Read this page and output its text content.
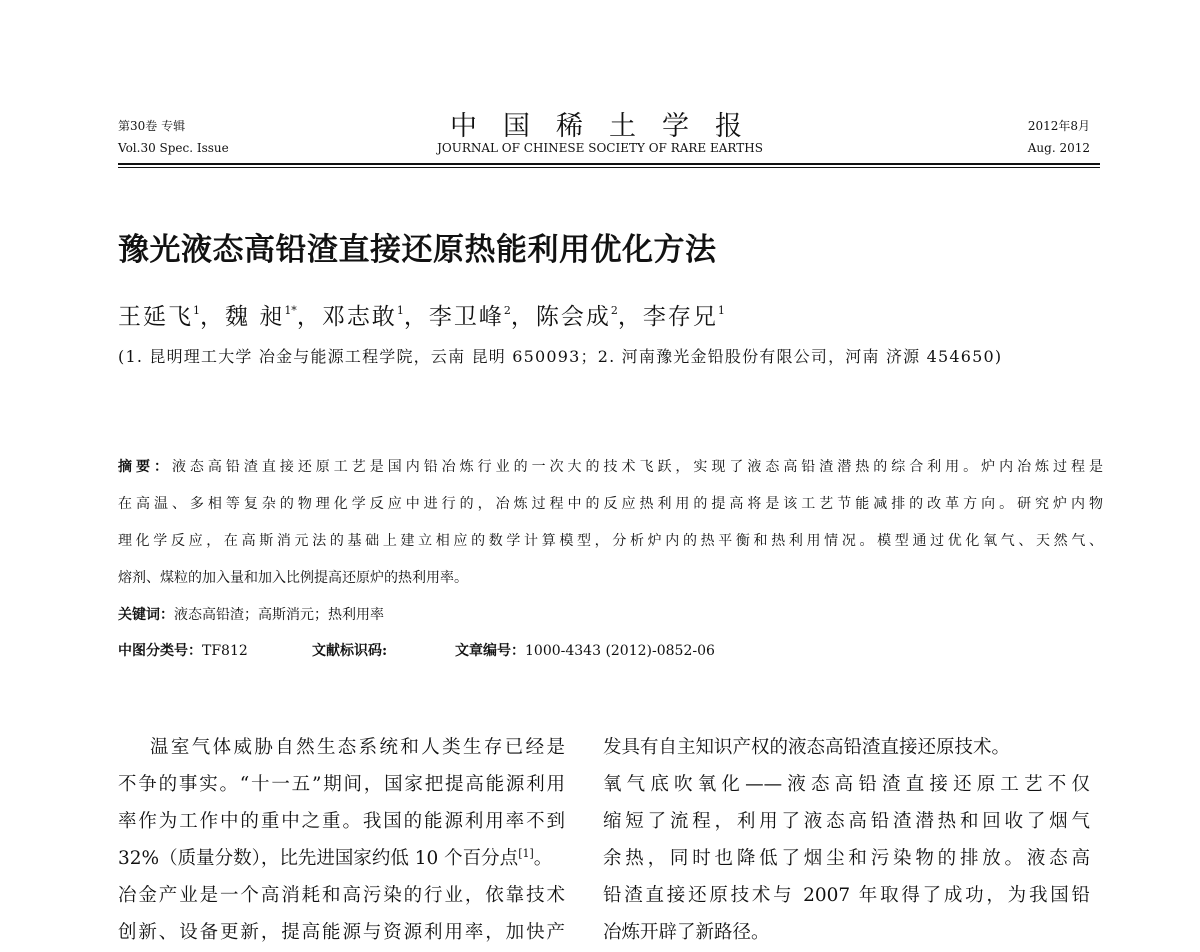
第30卷 专辑
Vol.30 Spec. Issue
中国稀土学报
JOURNAL OF CHINESE SOCIETY OF RARE EARTHS
2012年8月
Aug. 2012
豫光液态高铅渣直接还原热能利用优化方法
王延飞$^1$，魏 昶$^{1*}$，邓志敢$^1$，李卫峰$^2$，陈会成$^2$，李存兄$^1$
(1. 昆明理工大学 冶金与能源工程学院，云南 昆明 650093；2. 河南豫光金铅股份有限公司，河南 济源 454650)
摘要：液态高铅渣直接还原工艺是国内铅冶炼行业的一次大的技术飞跃，实现了液态高铅渣潜热的综合利用。炉内冶炼过程是
在高温、多相等复杂的物理化学反应中进行的，冶炼过程中的反应热利用的提高将是该工艺节能减排的改革方向。研究炉内物
理化学反应，在高斯消元法的基础上建立相应的数学计算模型，分析炉内的热平衡和热利用情况。模型通过优化氧气、天然气、
熔剂、煤粒的加入量和加入比例提高还原炉的热利用率。
关键词：液态高铅渣；高斯消元；热利用率
中图分类号：TF812	文献标识码:	文章编号：1000-4343 (2012)-0852-06
温室气体威胁自然生态系统和人类生存已经是
不争的事实。“十一五”期间，国家把提高能源利用
率作为工作中的重中之重。我国的能源利用率不到
32%（质量分数），比先进国家约低 10 个百分点[1]。
冶金产业是一个高消耗和高污染的行业，依靠技术
创新、设备更新，提高能源与资源利用率，加快产
发具有自主知识产权的液态高铅渣直接还原技术。
氧气底吹氧化——液态高铅渣直接还原工艺不仅
缩短了流程，利用了液态高铅渣潜热和回收了烟气
余热，同时也降低了烟尘和污染物的排放。液态高
铅渣直接还原技术与 2007 年取得了成功，为我国铅
冶炼开辟了新路径。
